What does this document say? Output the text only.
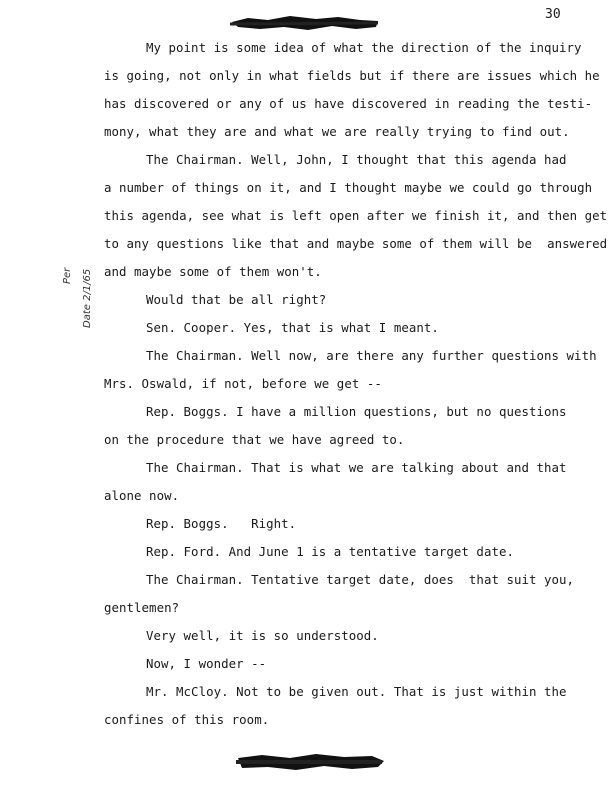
30
Per Date 2/1/65
My point is some idea of what the direction of the inquiry
is going, not only in what fields but if there are issues which he
has discovered or any of us have discovered in reading the testi-
mony, what they are and what we are really trying to find out.
The Chairman. Well, John, I thought that this agenda had
a number of things on it, and I thought maybe we could go through
this agenda, see what is left open after we finish it, and then get
to any questions like that and maybe some of them will be  answered
and maybe some of them won't.
Would that be all right?
Sen. Cooper. Yes, that is what I meant.
The Chairman. Well now, are there any further questions with
Mrs. Oswald, if not, before we get --
Rep. Boggs. I have a million questions, but no questions
on the procedure that we have agreed to.
The Chairman. That is what we are talking about and that
alone now.
Rep. Boggs.   Right.
Rep. Ford. And June 1 is a tentative target date.
The Chairman. Tentative target date, does  that suit you,
gentlemen?
Very well, it is so understood.
Now, I wonder --
Mr. McCloy. Not to be given out. That is just within the
confines of this room.
